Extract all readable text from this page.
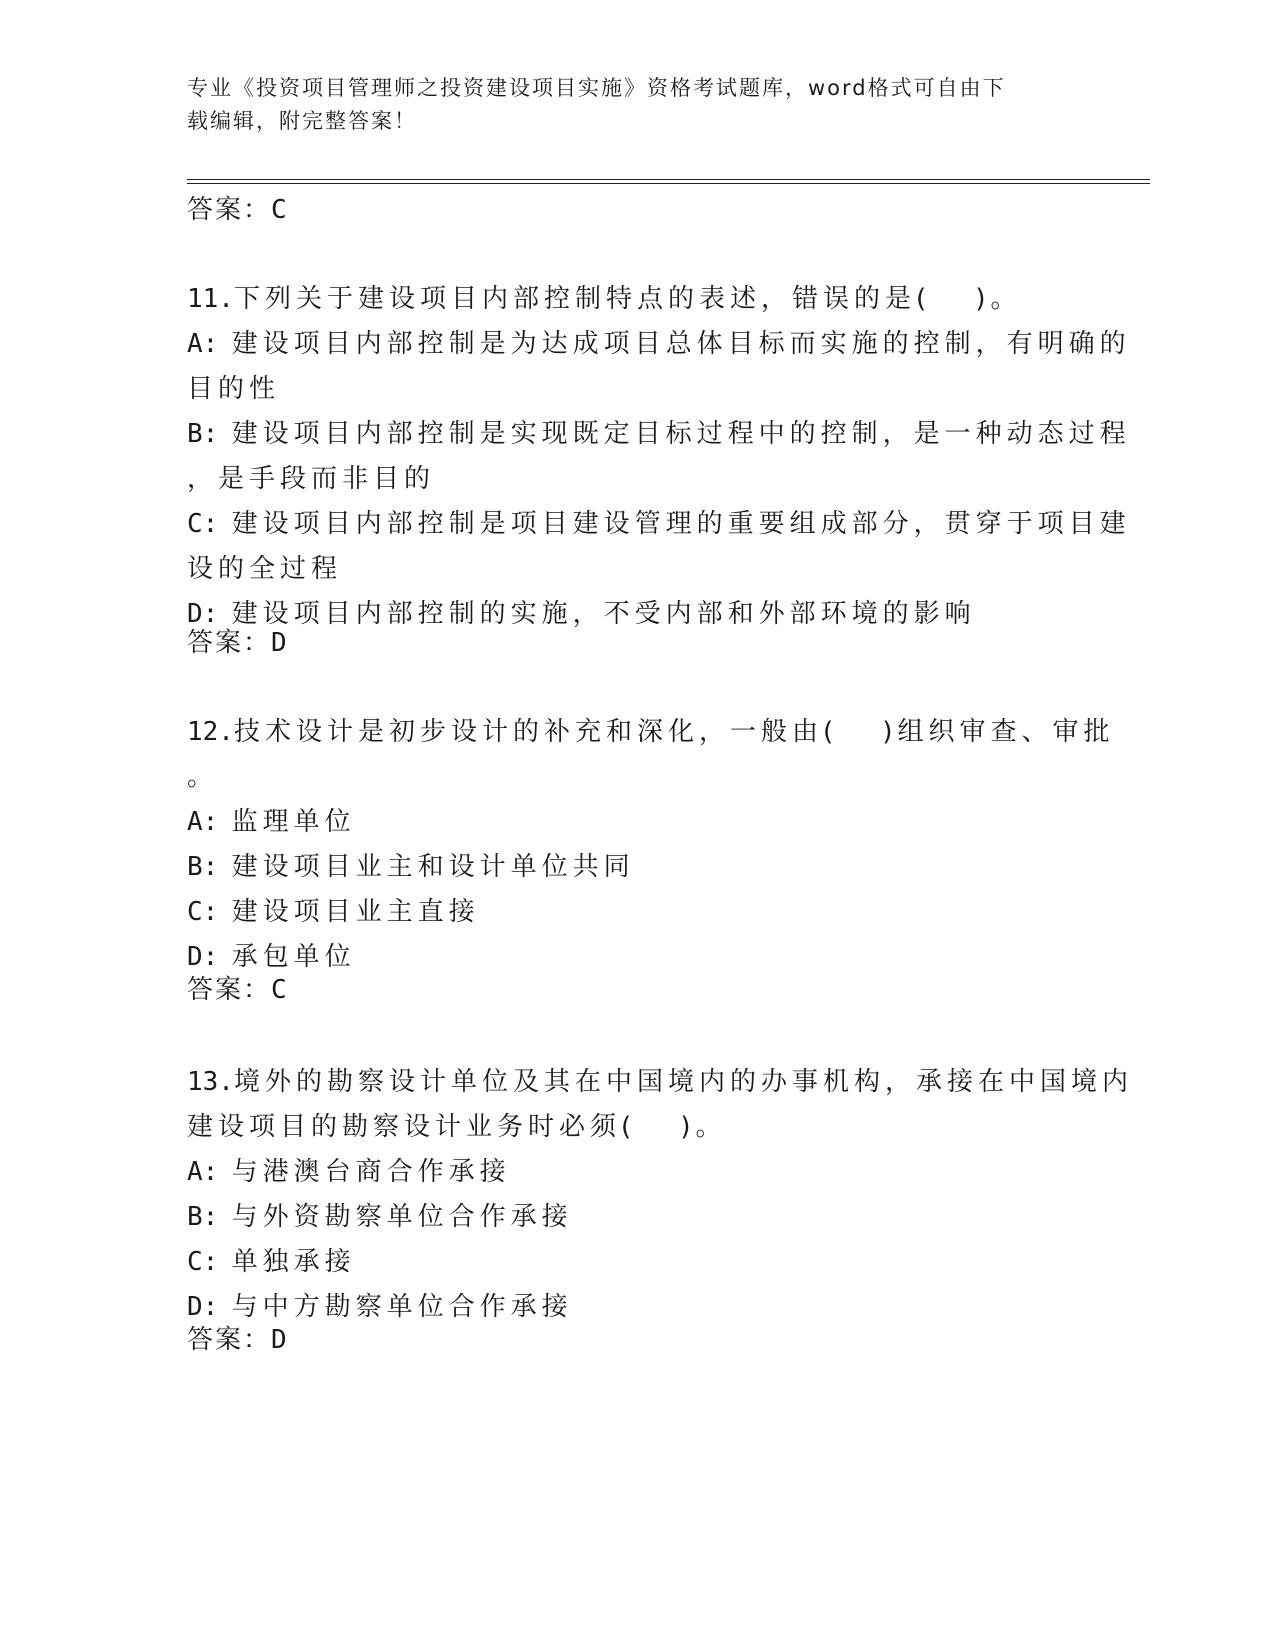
专业《投资项目管理师之投资建设项目实施》资格考试题库，word格式可自由下
载编辑，附完整答案！
答案：C
11.下列关于建设项目内部控制特点的表述，错误的是(　 )。
A: 建设项目内部控制是为达成项目总体目标而实施的控制，有明确的
目的性
B: 建设项目内部控制是实现既定目标过程中的控制，是一种动态过程
，是手段而非目的
C: 建设项目内部控制是项目建设管理的重要组成部分，贯穿于项目建
设的全过程
D: 建设项目内部控制的实施，不受内部和外部环境的影响
答案：D
12.技术设计是初步设计的补充和深化，一般由(　 )组织审查、审批
。
A: 监理单位
B: 建设项目业主和设计单位共同
C: 建设项目业主直接
D: 承包单位
答案：C
13.境外的勘察设计单位及其在中国境内的办事机构，承接在中国境内
建设项目的勘察设计业务时必须(　 )。
A: 与港澳台商合作承接
B: 与外资勘察单位合作承接
C: 单独承接
D: 与中方勘察单位合作承接
答案：D
